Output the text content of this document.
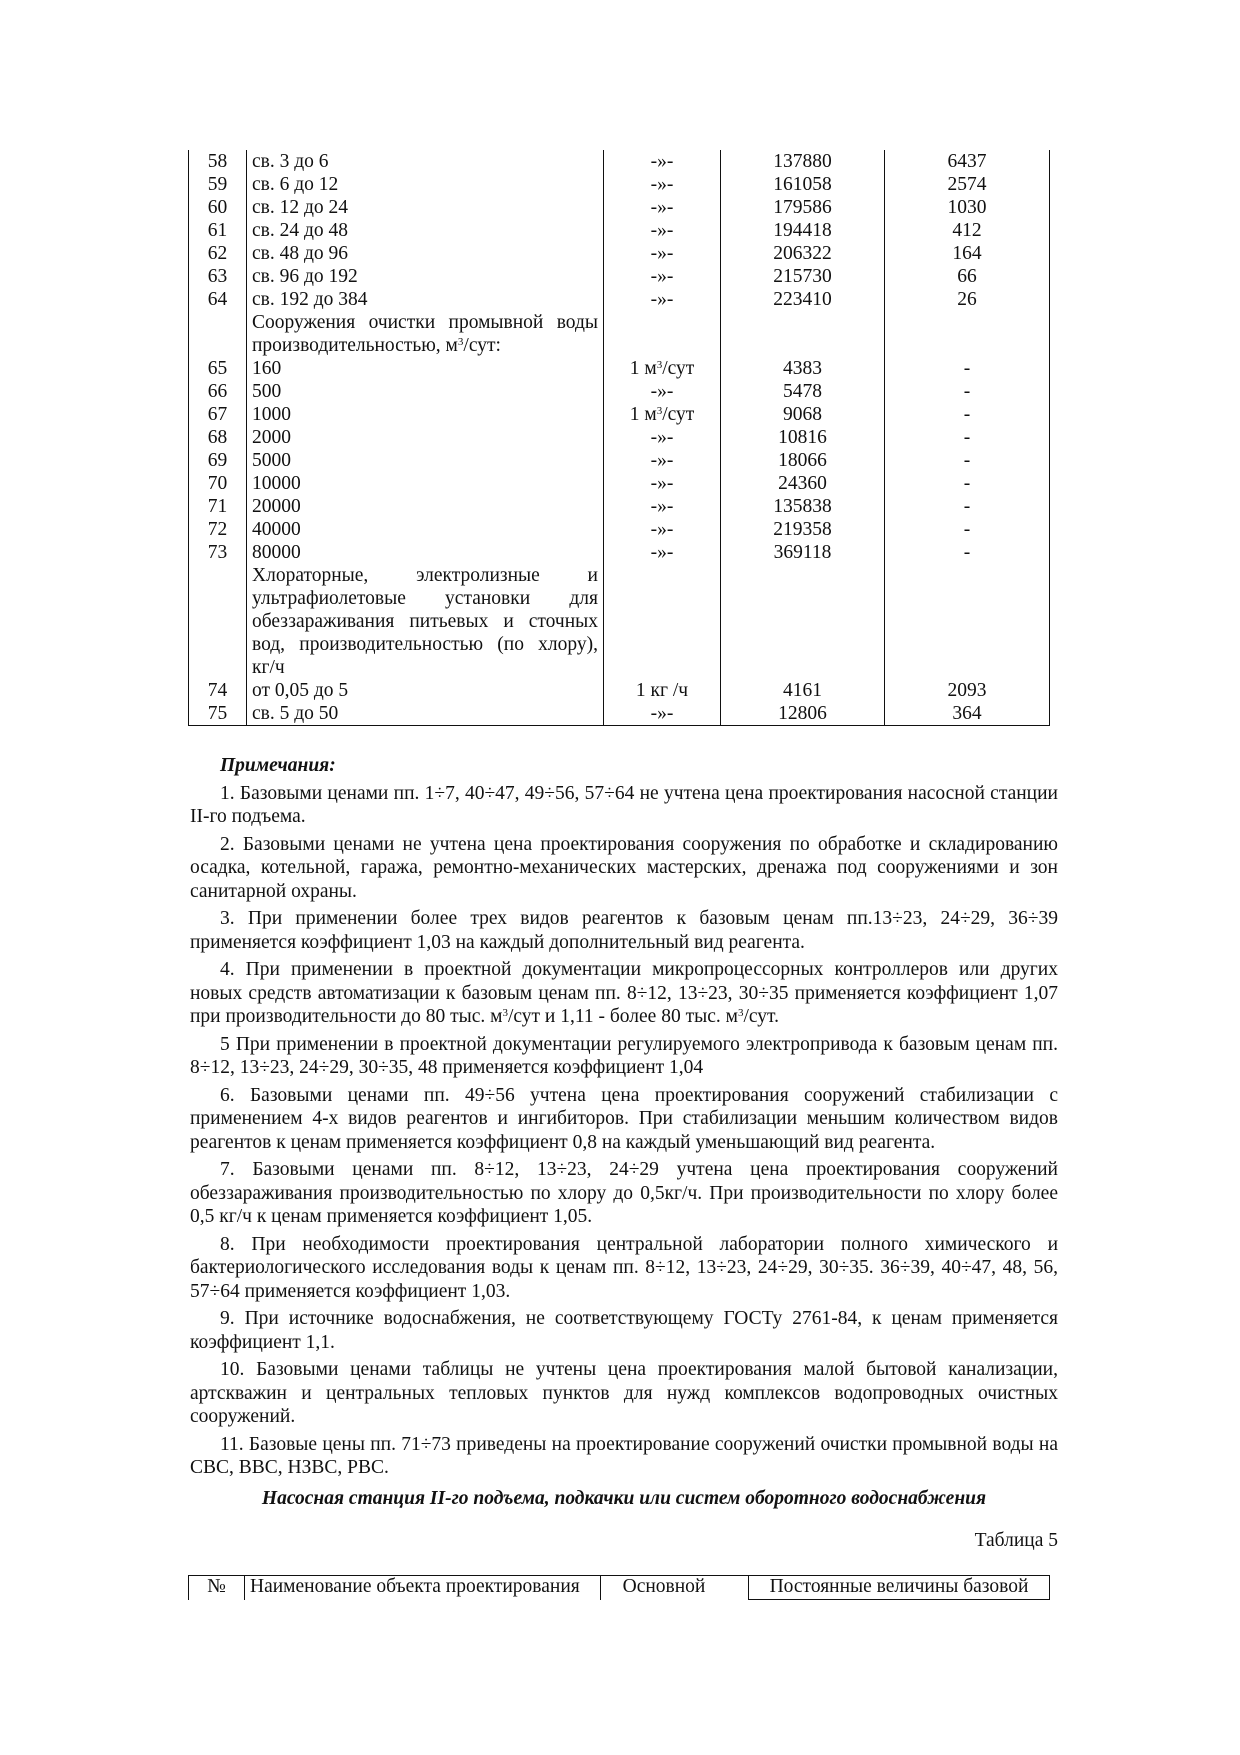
58	св. 3 до 6	-»-	137880	6437
59	св. 6 до 12	-»-	161058	2574
60	св. 12 до 24	-»-	179586	1030
61	св. 24 до 48	-»-	194418	412
62	св. 48 до 96	-»-	206322	164
63	св. 96 до 192	-»-	215730	66
64	св. 192 до 384	-»-	223410	26
	Сооружения очистки промывной воды			
	производительностью, $м^3$/сут:			
65	160	1 $м^3$/сут	4383	-
66	500	-»-	5478	-
67	1000	1 $м^3$/сут	9068	-
68	2000	-»-	10816	-
69	5000	-»-	18066	-
70	10000	-»-	24360	-
71	20000	-»-	135838	-
72	40000	-»-	219358	-
73	80000	-»-	369118	-
	Хлораторные, электролизные и			
	ультрафиолетовые установки для			
	обеззараживания питьевых и сточных			
	вод, производительностью (по хлору),			
	кг/ч			
74	от 0,05 до 5	1 кг /ч	4161	2093
75	св. 5 до 50	-»-	12806	364
Примечания:

1. Базовыми ценами пп. 1÷7, 40÷47, 49÷56, 57÷64 не учтена цена проектирования насосной станции II-го подъема.

2. Базовыми ценами не учтена цена проектирования сооружения по обработке и складированию осадка, котельной, гаража, ремонтно-механических мастерских, дренажа под сооружениями и зон санитарной охраны.

3. При применении более трех видов реагентов к базовым ценам пп.13÷23, 24÷29, 36÷39 применяется коэффициент 1,03 на каждый дополнительный вид реагента.

4. При применении в проектной документации микропроцессорных контроллеров или других новых средств автоматизации к базовым ценам пп. 8÷12, 13÷23, 30÷35 применяется коэффициент 1,07 при производительности до 80 тыс. $м^3$/сут и 1,11 - более 80 тыс. $м^3$/сут.

5 При применении в проектной документации регулируемого электропривода к базовым ценам пп. 8÷12, 13÷23, 24÷29, 30÷35, 48 применяется коэффициент 1,04

6. Базовыми ценами пп. 49÷56 учтена цена проектирования сооружений стабилизации с применением 4-х видов реагентов и ингибиторов. При стабилизации меньшим количеством видов реагентов к ценам применяется коэффициент 0,8 на каждый уменьшающий вид реагента.

7. Базовыми ценами пп. 8÷12, 13÷23, 24÷29 учтена цена проектирования сооружений обеззараживания производительностью по хлору до 0,5кг/ч. При производительности по хлору более 0,5 кг/ч к ценам применяется коэффициент 1,05.

8. При необходимости проектирования центральной лаборатории полного химического и бактериологического исследования воды к ценам пп. 8÷12, 13÷23, 24÷29, 30÷35. 36÷39, 40÷47, 48, 56, 57÷64 применяется коэффициент 1,03.

9. При источнике водоснабжения, не соответствующему ГОСТу 2761-84, к ценам применяется коэффициент 1,1.

10. Базовыми ценами таблицы не учтены цена проектирования малой бытовой канализации, артскважин и центральных тепловых пунктов для нужд комплексов водопроводных очистных сооружений.

11. Базовые цены пп. 71÷73 приведены на проектирование сооружений очистки промывной воды на СВС, ВВС, НЗВС, РВС.

Насосная станция II-го подъема, подкачки или систем оборотного водоснабжения
Таблица 5
№	Наименование объекта проектирования	Основной	Постоянные величины базовой
